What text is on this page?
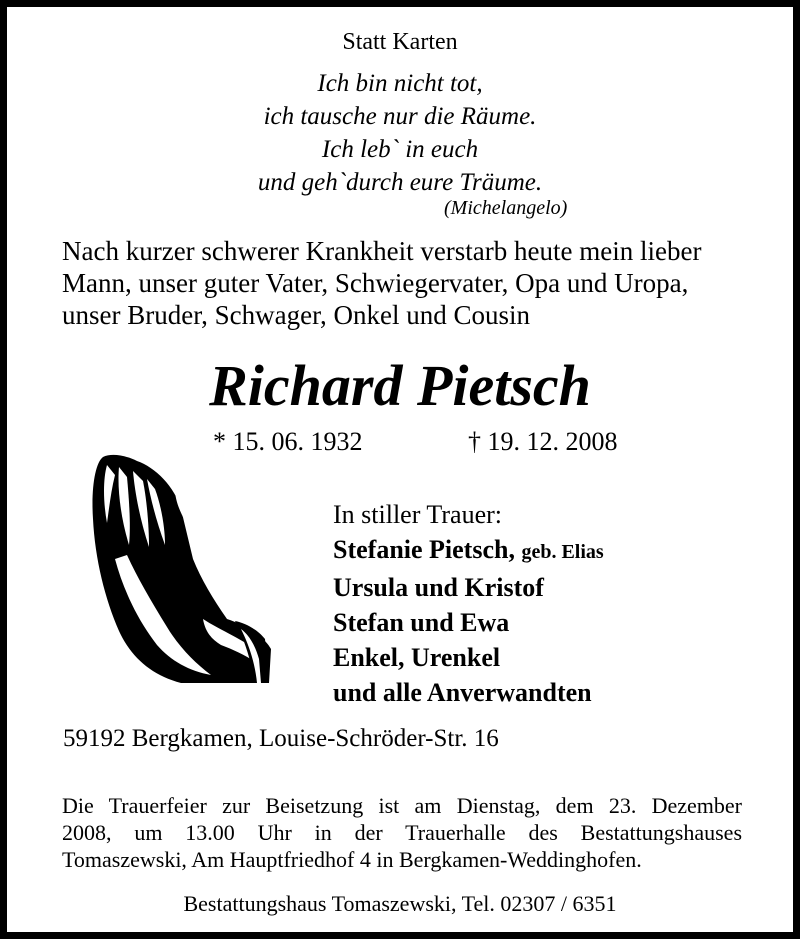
Statt Karten
Ich bin nicht tot,
ich tausche nur die Räume.
Ich leb` in euch
und geh`durch eure Träume.
(Michelangelo)
Nach kurzer schwerer Krankheit verstarb heute mein lieber
Mann, unser guter Vater, Schwiegervater, Opa und Uropa,
unser Bruder, Schwager, Onkel und Cousin
Richard Pietsch
* 15. 06. 1932	† 19. 12. 2008
In stiller Trauer:
Stefanie Pietsch, geb. Elias
Ursula und Kristof
Stefan und Ewa
Enkel, Urenkel
und alle Anverwandten
59192 Bergkamen, Louise-Schröder-Str. 16
Die Trauerfeier zur Beisetzung ist am Dienstag, dem 23. Dezember
2008, um 13.00 Uhr in der Trauerhalle des Bestattungshauses
Tomaszewski, Am Hauptfriedhof 4 in Bergkamen-Weddinghofen.
Bestattungshaus Tomaszewski, Tel. 02307 / 6351
